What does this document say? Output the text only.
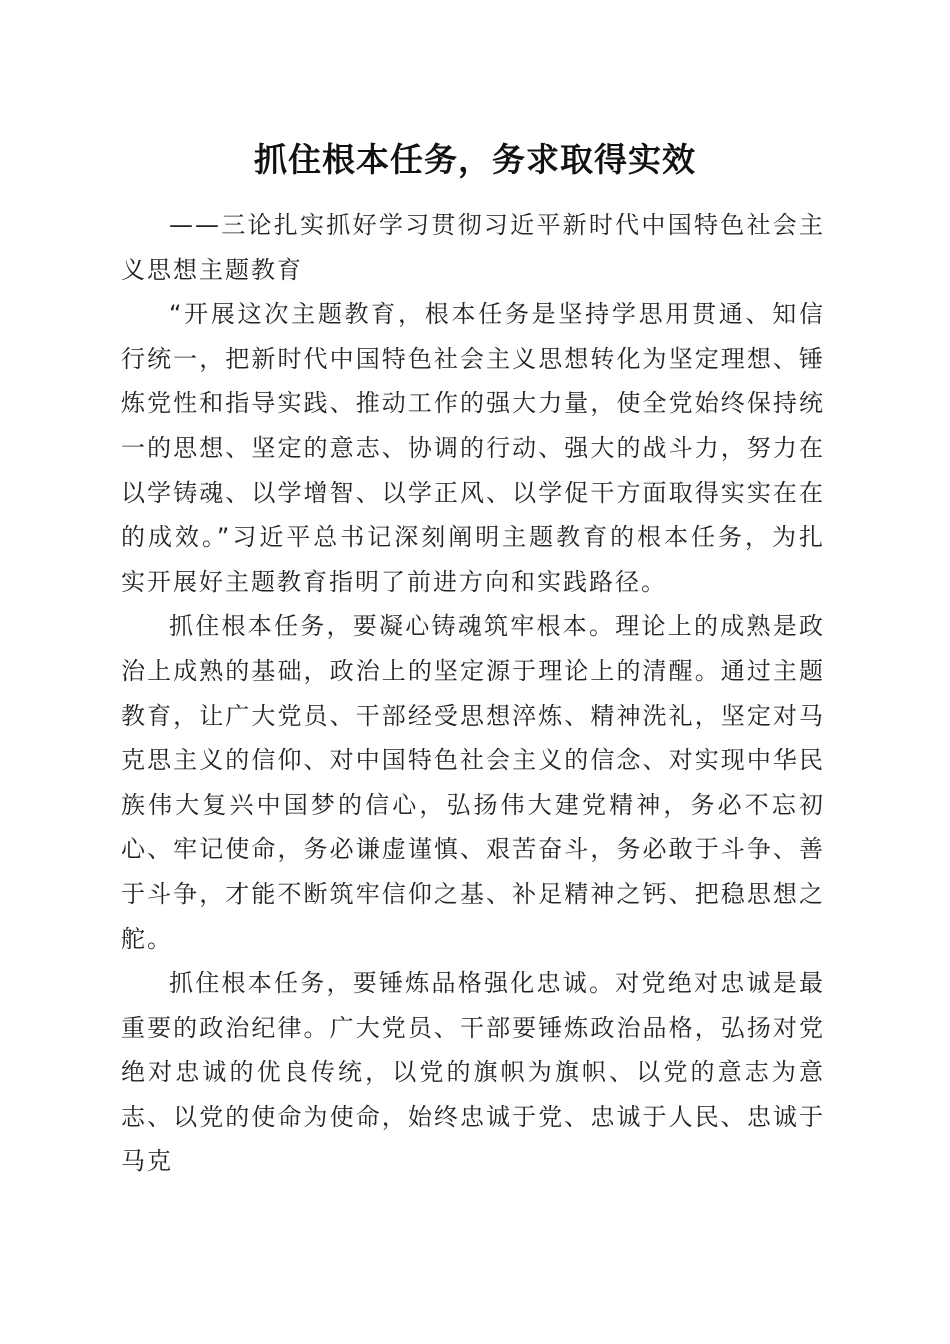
抓住根本任务，务求取得实效

——三论扎实抓好学习贯彻习近平新时代中国特色社会主义思想主题教育

“开展这次主题教育，根本任务是坚持学思用贯通、知信行统一，把新时代中国特色社会主义思想转化为坚定理想、锤炼党性和指导实践、推动工作的强大力量，使全党始终保持统一的思想、坚定的意志、协调的行动、强大的战斗力，努力在以学铸魂、以学增智、以学正风、以学促干方面取得实实在在的成效。”习近平总书记深刻阐明主题教育的根本任务，为扎实开展好主题教育指明了前进方向和实践路径。

抓住根本任务，要凝心铸魂筑牢根本。理论上的成熟是政治上成熟的基础，政治上的坚定源于理论上的清醒。通过主题教育，让广大党员、干部经受思想淬炼、精神洗礼，坚定对马克思主义的信仰、对中国特色社会主义的信念、对实现中华民族伟大复兴中国梦的信心，弘扬伟大建党精神，务必不忘初心、牢记使命，务必谦虚谨慎、艰苦奋斗，务必敢于斗争、善于斗争，才能不断筑牢信仰之基、补足精神之钙、把稳思想之舵。

抓住根本任务，要锤炼品格强化忠诚。对党绝对忠诚是最重要的政治纪律。广大党员、干部要锤炼政治品格，弘扬对党绝对忠诚的优良传统，以党的旗帜为旗帜、以党的意志为意志、以党的使命为使命，始终忠诚于党、忠诚于人民、忠诚于马克
